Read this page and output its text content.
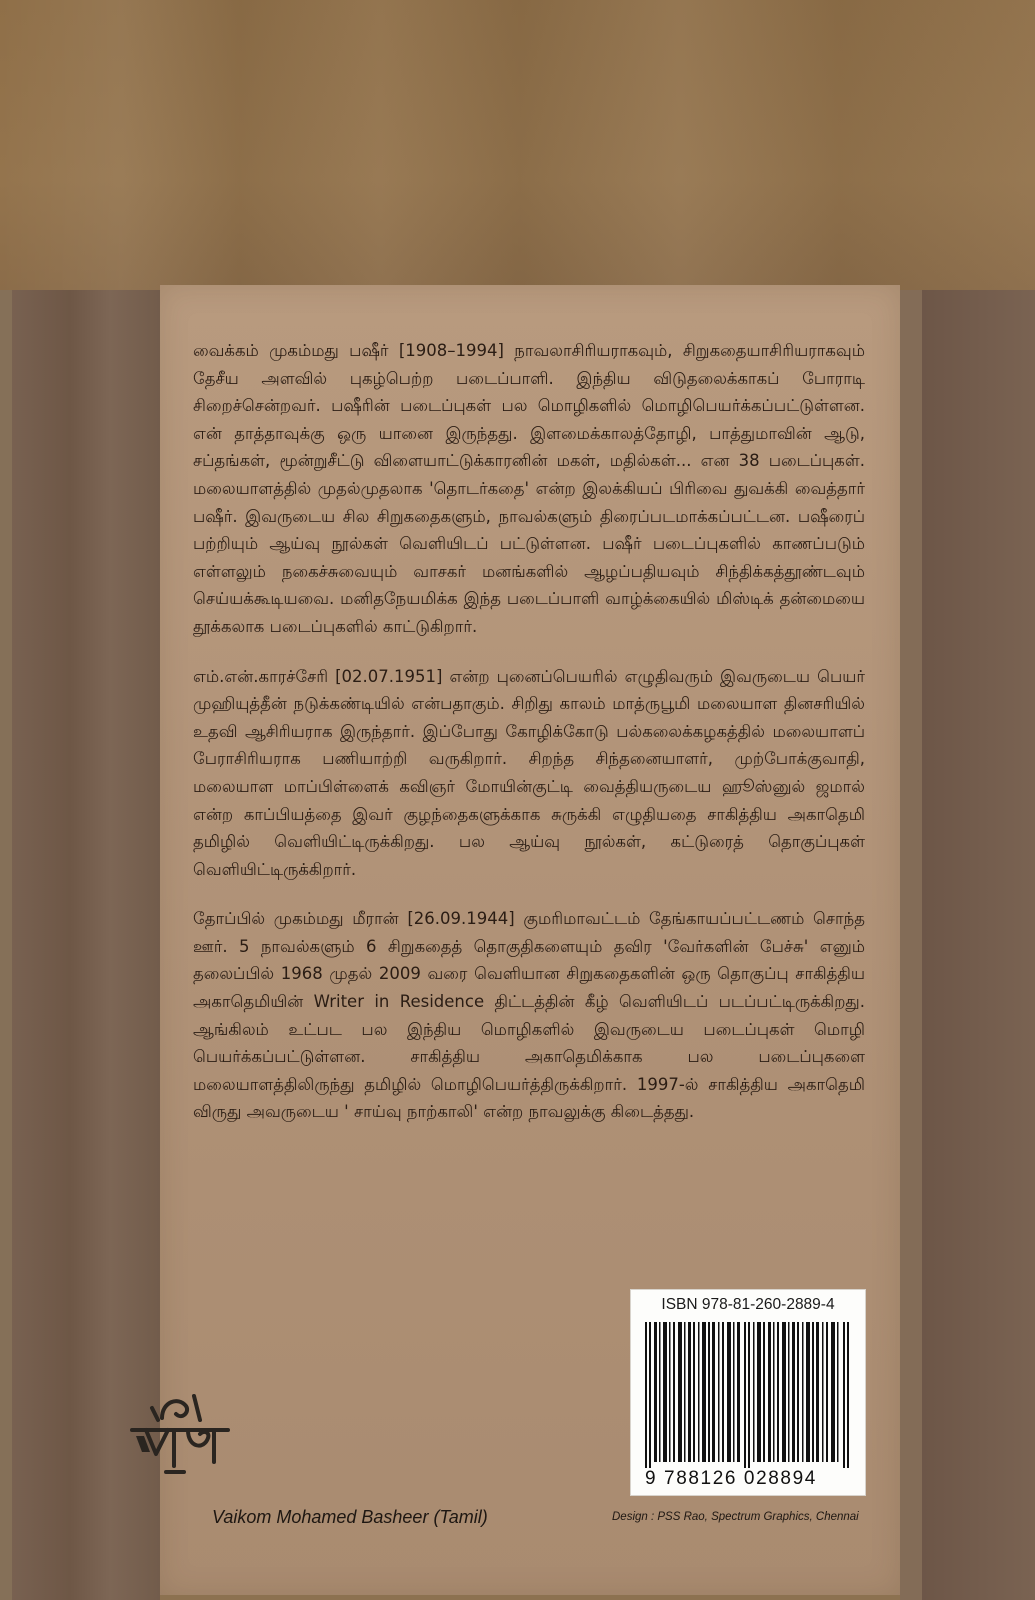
வைக்கம் முகம்மது பஷீர் [1908–1994] நாவலாசிரியராகவும், சிறுகதையாசிரியராகவும் தேசீய அளவில் புகழ்பெற்ற படைப்பாளி. இந்திய விடுதலைக்காகப் போராடி சிறைச்சென்றவர். பஷீரின் படைப்புகள் பல மொழிகளில் மொழிபெயர்க்கப்பட்டுள்ளன. என் தாத்தாவுக்கு ஒரு யானை இருந்தது. இளமைக்காலத்தோழி, பாத்துமாவின் ஆடு, சப்தங்கள், மூன்றுசீட்டு விளையாட்டுக்காரனின் மகள், மதில்கள்... என 38 படைப்புகள். மலையாளத்தில் முதல்முதலாக 'தொடர்கதை' என்ற இலக்கியப் பிரிவை துவக்கி வைத்தார் பஷீர். இவருடைய சில சிறுகதைகளும், நாவல்களும் திரைப்படமாக்கப்பட்டன. பஷீரைப் பற்றியும் ஆய்வு நூல்கள் வெளியிடப் பட்டுள்ளன. பஷீர் படைப்புகளில் காணப்படும் எள்ளலும் நகைச்சுவையும் வாசகர் மனங்களில் ஆழப்பதியவும் சிந்திக்கத்தூண்டவும் செய்யக்கூடியவை. மனிதநேயமிக்க இந்த படைப்பாளி வாழ்க்கையில் மிஸ்டிக் தன்மையை தூக்கலாக படைப்புகளில் காட்டுகிறார்.

எம்.என்.காரச்சேரி [02.07.1951] என்ற புனைப்பெயரில் எழுதிவரும் இவருடைய பெயர் முஹியுத்தீன் நடுக்கண்டியில் என்பதாகும். சிறிது காலம் மாத்ருபூமி மலையாள தினசரியில் உதவி ஆசிரியராக இருந்தார். இப்போது கோழிக்கோடு பல்கலைக்கழகத்தில் மலையாளப் பேராசிரியராக பணியாற்றி வருகிறார். சிறந்த சிந்தனையாளர், முற்போக்குவாதி, மலையாள மாப்பிள்ளைக் கவிஞர் மோயின்குட்டி வைத்தியருடைய ஹூஸ்னுல் ஜமால் என்ற காப்பியத்தை இவர் குழந்தைகளுக்காக சுருக்கி எழுதியதை சாகித்திய அகாதெமி தமிழில் வெளியிட்டிருக்கிறது. பல ஆய்வு நூல்கள், கட்டுரைத் தொகுப்புகள் வெளியிட்டிருக்கிறார்.

தோப்பில் முகம்மது மீரான் [26.09.1944] குமரிமாவட்டம் தேங்காயப்பட்டணம் சொந்த ஊர். 5 நாவல்களும் 6 சிறுகதைத் தொகுதிகளையும் தவிர 'வேர்களின் பேச்சு' எனும் தலைப்பில் 1968 முதல் 2009 வரை வெளியான சிறுகதைகளின் ஒரு தொகுப்பு சாகித்திய அகாதெமியின் Writer in Residence திட்டத்தின் கீழ் வெளியிடப் படப்பட்டிருக்கிறது. ஆங்கிலம் உட்பட பல இந்திய மொழிகளில் இவருடைய படைப்புகள் மொழி பெயர்க்கப்பட்டுள்ளன. சாகித்திய அகாதெமிக்காக பல படைப்புகளை மலையாளத்திலிருந்து தமிழில் மொழிபெயர்த்திருக்கிறார். 1997-ல் சாகித்திய அகாதெமி விருது அவருடைய ' சாய்வு நாற்காலி' என்ற நாவலுக்கு கிடைத்தது.

ISBN 978-81-260-2889-4
9 788126 028894
Vaikom Mohamed Basheer (Tamil)	Design : PSS Rao, Spectrum Graphics, Chennai
